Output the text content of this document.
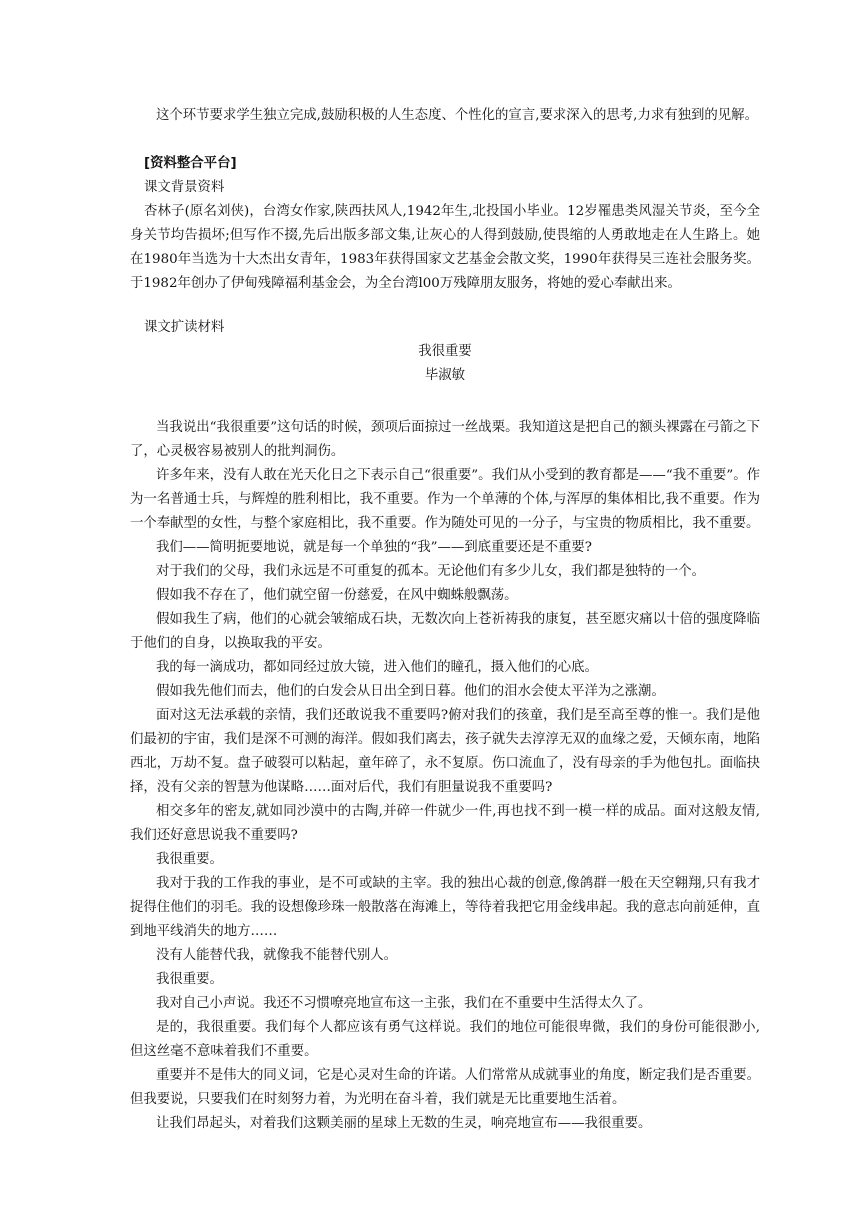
这个环节要求学生独立完成,鼓励积极的人生态度、个性化的宣言,要求深入的思考,力求有独到的见解。

[资料整合平台]

课文背景资料

杏林子(原名刘侠)，台湾女作家,陕西扶风人,1942年生,北投国小毕业。12岁罹患类风湿关节炎，至今全身关节均告损坏;但写作不掇,先后出版多部文集,让灰心的人得到鼓励,使畏缩的人勇敢地走在人生路上。她在1980年当选为十大杰出女青年，1983年获得国家文艺基金会散文奖，1990年获得吴三连社会服务奖。于1982年创办了伊甸残障福利基金会，为全台湾l00万残障朋友服务，将她的爱心奉献出来。

课文扩读材料

我很重要

毕淑敏

当我说出“我很重要”这句话的时候，颈项后面掠过一丝战栗。我知道这是把自己的额头裸露在弓箭之下了，心灵极容易被别人的批判洞伤。

许多年来，没有人敢在光天化日之下表示自己“很重要”。我们从小受到的教育都是——“我不重要”。作为一名普通士兵，与辉煌的胜利相比，我不重要。作为一个单薄的个体,与浑厚的集体相比,我不重要。作为一个奉献型的女性，与整个家庭相比，我不重要。作为随处可见的一分子，与宝贵的物质相比，我不重要。

我们——简明扼要地说，就是每一个单独的“我”——到底重要还是不重要?

对于我们的父母，我们永远是不可重复的孤本。无论他们有多少儿女，我们都是独特的一个。

假如我不存在了，他们就空留一份慈爱，在风中蜘蛛般飘荡。

假如我生了病，他们的心就会皱缩成石块，无数次向上苍祈祷我的康复，甚至愿灾痛以十倍的强度降临于他们的自身，以换取我的平安。

我的每一滴成功，都如同经过放大镜，进入他们的瞳孔，摄入他们的心底。

假如我先他们而去，他们的白发会从日出全到日暮。他们的泪水会使太平洋为之涨潮。

面对这无法承载的亲情，我们还敢说我不重要吗?俯对我们的孩童，我们是至高至尊的惟一。我们是他们最初的宇宙，我们是深不可测的海洋。假如我们离去，孩子就失去淳淳无双的血缘之爱，天倾东南，地陷西北，万劫不复。盘子破裂可以粘起，童年碎了，永不复原。伤口流血了，没有母亲的手为他包扎。面临抉择，没有父亲的智慧为他谋略……面对后代，我们有胆量说我不重要吗?

相交多年的密友,就如同沙漠中的古陶,并碎一件就少一件,再也找不到一模一样的成品。面对这般友情,我们还好意思说我不重要吗?

我很重要。

我对于我的工作我的事业，是不可或缺的主宰。我的独出心裁的创意,像鸽群一般在天空翱翔,只有我才捉得住他们的羽毛。我的设想像珍珠一般散落在海滩上，等待着我把它用金线串起。我的意志向前延伸，直到地平线消失的地方……

没有人能替代我，就像我不能替代别人。

我很重要。

我对自己小声说。我还不习惯嘹亮地宣布这一主张，我们在不重要中生活得太久了。

是的，我很重要。我们每个人都应该有勇气这样说。我们的地位可能很卑微，我们的身份可能很渺小,但这丝毫不意味着我们不重要。

重要并不是伟大的同义词，它是心灵对生命的许诺。人们常常从成就事业的角度，断定我们是否重要。但我要说，只要我们在时刻努力着，为光明在奋斗着，我们就是无比重要地生活着。

让我们昂起头，对着我们这颗美丽的星球上无数的生灵，响亮地宣布——我很重要。
